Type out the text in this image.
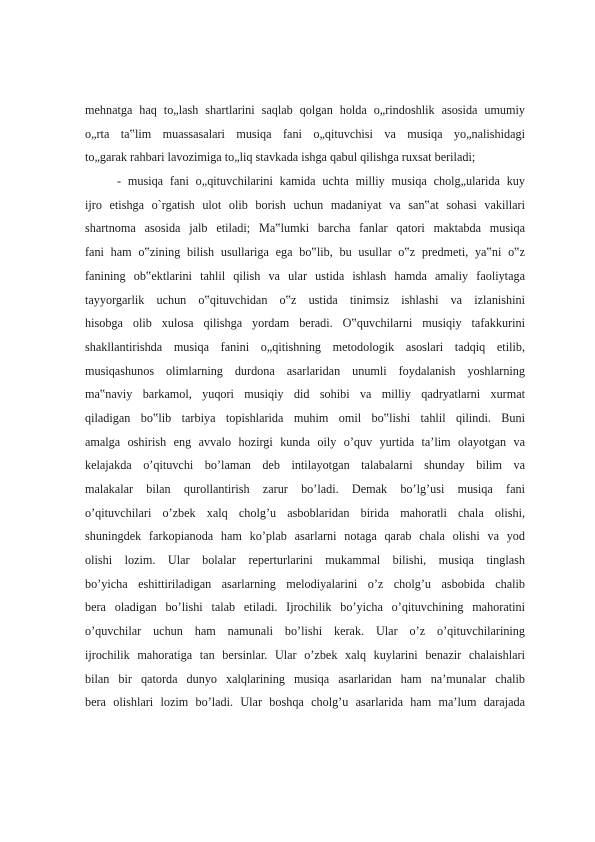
mehnatga haq to„lash shartlarini saqlab qolgan holda o„rindoshlik asosida umumiy
o„rta ta‟lim muassasalari musiqa fani o„qituvchisi va musiqa yo„nalishidagi
to„garak rahbari lavozimiga to„liq stavkada ishga qabul qilishga ruxsat beriladi;
- musiqa fani o„qituvchilarini kamida uchta milliy musiqa cholg„ularida kuy
ijro etishga o`rgatish ulot olib borish uchun madaniyat va san‟at sohasi vakillari
shartnoma asosida jalb etiladi; Ma‟lumki barcha fanlar qatori maktabda musiqa
fani ham o‟zining bilish usullariga ega bo‟lib, bu usullar o‟z predmeti, ya‟ni o‟z
fanining ob‟ektlarini tahlil qilish va ular ustida ishlash hamda amaliy faoliytaga
tayyorgarlik uchun o‟qituvchidan o‟z ustida tinimsiz ishlashi va izlanishini
hisobga olib xulosa qilishga yordam beradi. O‟quvchilarni musiqiy tafakkurini
shakllantirishda musiqa fanini o„qitishning metodologik asoslari tadqiq etilib,
musiqashunos olimlarning durdona asarlaridan unumli foydalanish yoshlarning
ma‟naviy barkamol, yuqori musiqiy did sohibi va milliy qadryatlarni xurmat
qiladigan bo‟lib tarbiya topishlarida muhim omil bo‟lishi tahlil qilindi. Buni
amalga oshirish eng avvalo hozirgi kunda oily o’quv yurtida ta’lim olayotgan va
kelajakda o’qituvchi bo’laman deb intilayotgan talabalarni shunday bilim va
malakalar bilan qurollantirish zarur bo’ladi. Demak bo’lg’usi musiqa fani
o’qituvchilari o’zbek xalq cholg’u asboblaridan birida mahoratli chala olishi,
shuningdek farkopianoda ham ko’plab asarlarni notaga qarab chala olishi va yod
olishi lozim. Ular bolalar reperturlarini mukammal bilishi, musiqa tinglash
bo’yicha eshittiriladigan asarlarning melodiyalarini o’z cholg’u asbobida chalib
bera oladigan bo’lishi talab etiladi. Ijrochilik bo’yicha o’qituvchining mahoratini
o’quvchilar uchun ham namunali bo’lishi kerak. Ular o’z o’qituvchilarining
ijrochilik mahoratiga tan bersinlar. Ular o’zbek xalq kuylarini benazir chalaishlari
bilan bir qatorda dunyo xalqlarining musiqa asarlaridan ham na’munalar chalib
bera olishlari lozim bo’ladi. Ular boshqa cholg’u asarlarida ham ma’lum darajada
